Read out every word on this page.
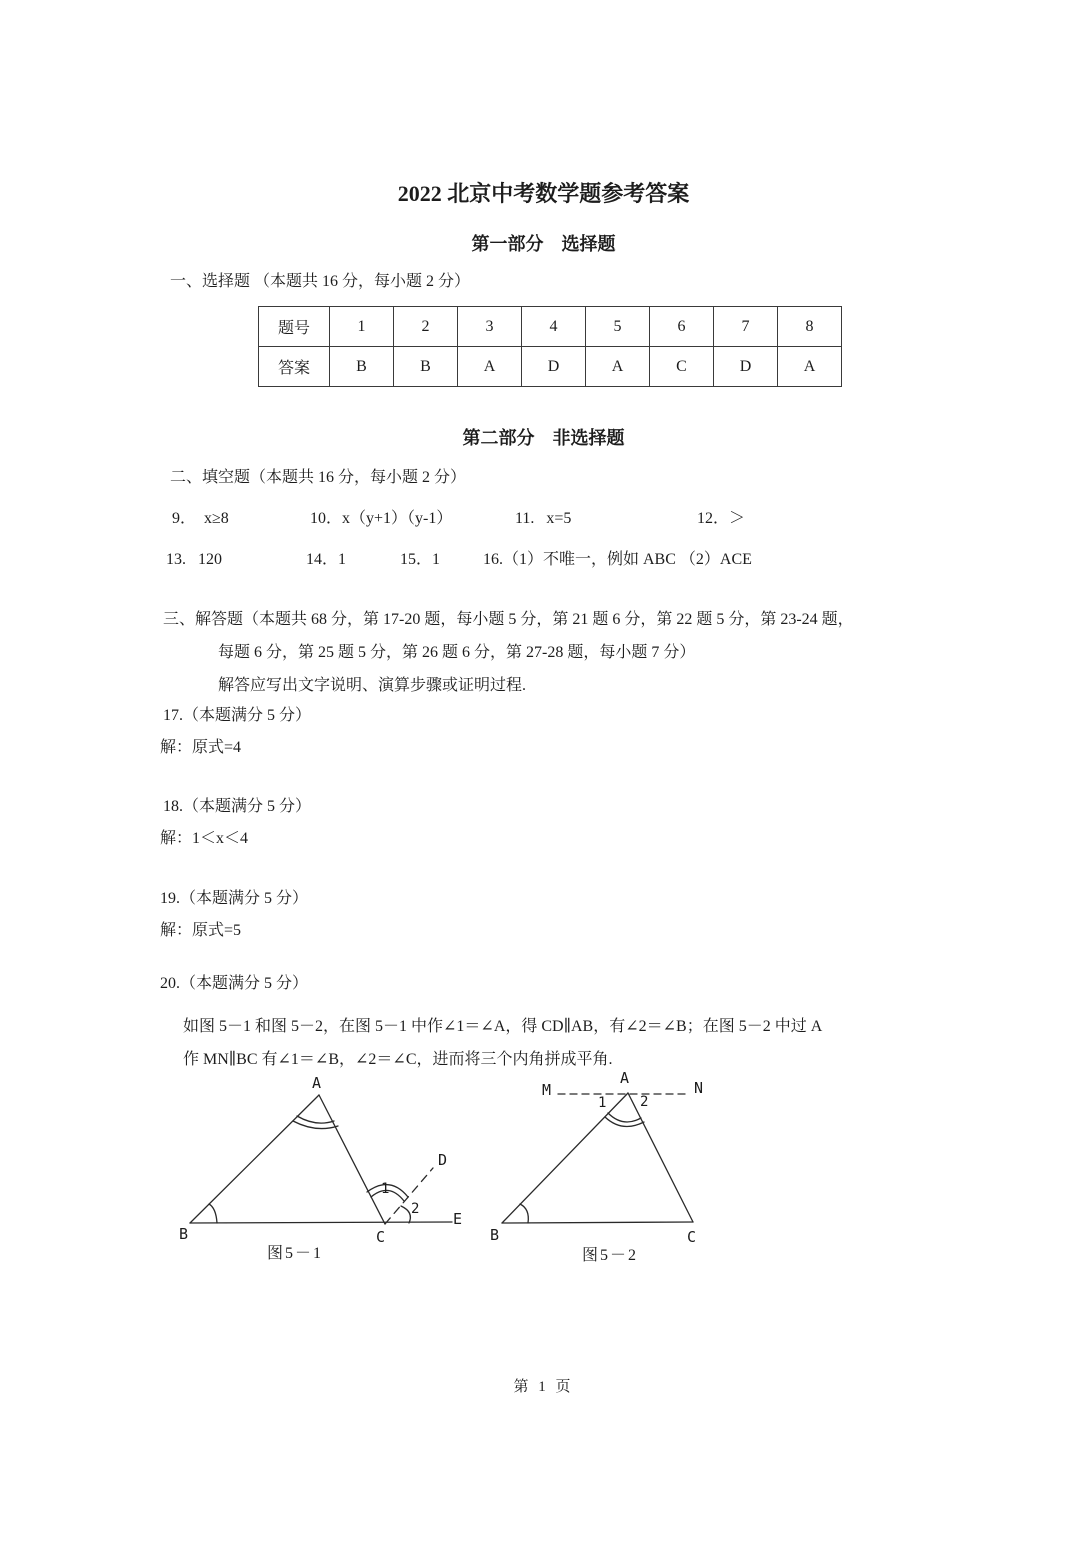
2022 北京中考数学题参考答案
第一部分　选择题
一、选择题 （本题共 16 分，每小题 2 分）
题号	1	2	3	4	5	6	7	8
答案	B	B	A	D	A	C	D	A
第二部分　非选择题
二、填空题（本题共 16 分，每小题 2 分）
9．  x≥8	10．x（y+1）（y-1）	11.   x=5	12．＞
13.   120	14．1	15．1	16.（1）不唯一，例如 ABC （2）ACE
三、解答题（本题共 68 分，第 17-20 题，每小题 5 分，第 21 题 6 分，第 22 题 5 分，第 23-24 题，
每题 6 分，第 25 题 5 分，第 26 题 6 分，第 27-28 题，每小题 7 分）
解答应写出文字说明、演算步骤或证明过程.
17.（本题满分 5 分）
解：原式=4
18.（本题满分 5 分）
解：1＜x＜4
19.（本题满分 5 分）
解：原式=5
20.（本题满分 5 分）
如图 5－1 和图 5－2，在图 5－1 中作∠1＝∠A，得 CD∥AB，有∠2＝∠B；在图 5－2 中过 A
作 MN∥BC 有∠1＝∠B，∠2＝∠C，进而将三个内角拼成平角.
A
B	C
D
E
1
2
图5－1
M	N
A
B	C
1 2
图5－2
第 1 页
